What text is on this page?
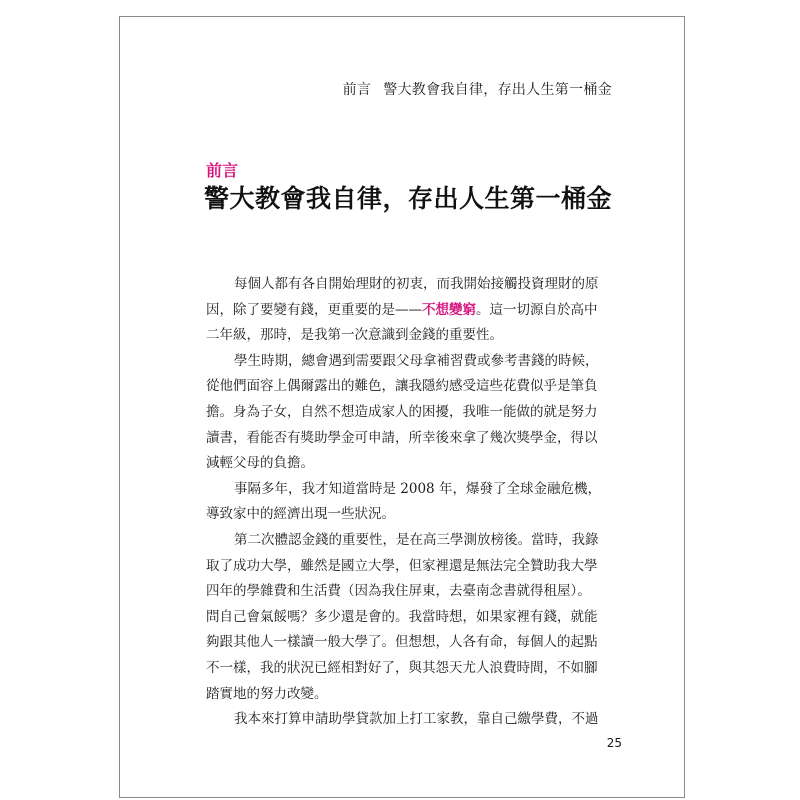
前言 警大教會我自律，存出人生第一桶金
前言
警大教會我自律，存出人生第一桶金
每個人都有各自開始理財的初衷，而我開始接觸投資理財的原
因，除了要變有錢，更重要的是——不想變窮。這一切源自於高中
二年級，那時，是我第一次意識到金錢的重要性。
學生時期，總會遇到需要跟父母拿補習費或參考書錢的時候，
從他們面容上偶爾露出的難色，讓我隱約感受這些花費似乎是筆負
擔。身為子女，自然不想造成家人的困擾，我唯一能做的就是努力
讀書，看能否有獎助學金可申請，所幸後來拿了幾次獎學金，得以
減輕父母的負擔。
事隔多年，我才知道當時是 2008 年，爆發了全球金融危機，
導致家中的經濟出現一些狀況。
第二次體認金錢的重要性，是在高三學測放榜後。當時，我錄
取了成功大學，雖然是國立大學，但家裡還是無法完全贊助我大學
四年的學雜費和生活費（因為我住屏東，去臺南念書就得租屋）。
問自己會氣餒嗎？多少還是會的。我當時想，如果家裡有錢，就能
夠跟其他人一樣讀一般大學了。但想想，人各有命，每個人的起點
不一樣，我的狀況已經相對好了，與其怨天尤人浪費時間，不如腳
踏實地的努力改變。
我本來打算申請助學貸款加上打工家教，靠自己繳學費，不過
25
